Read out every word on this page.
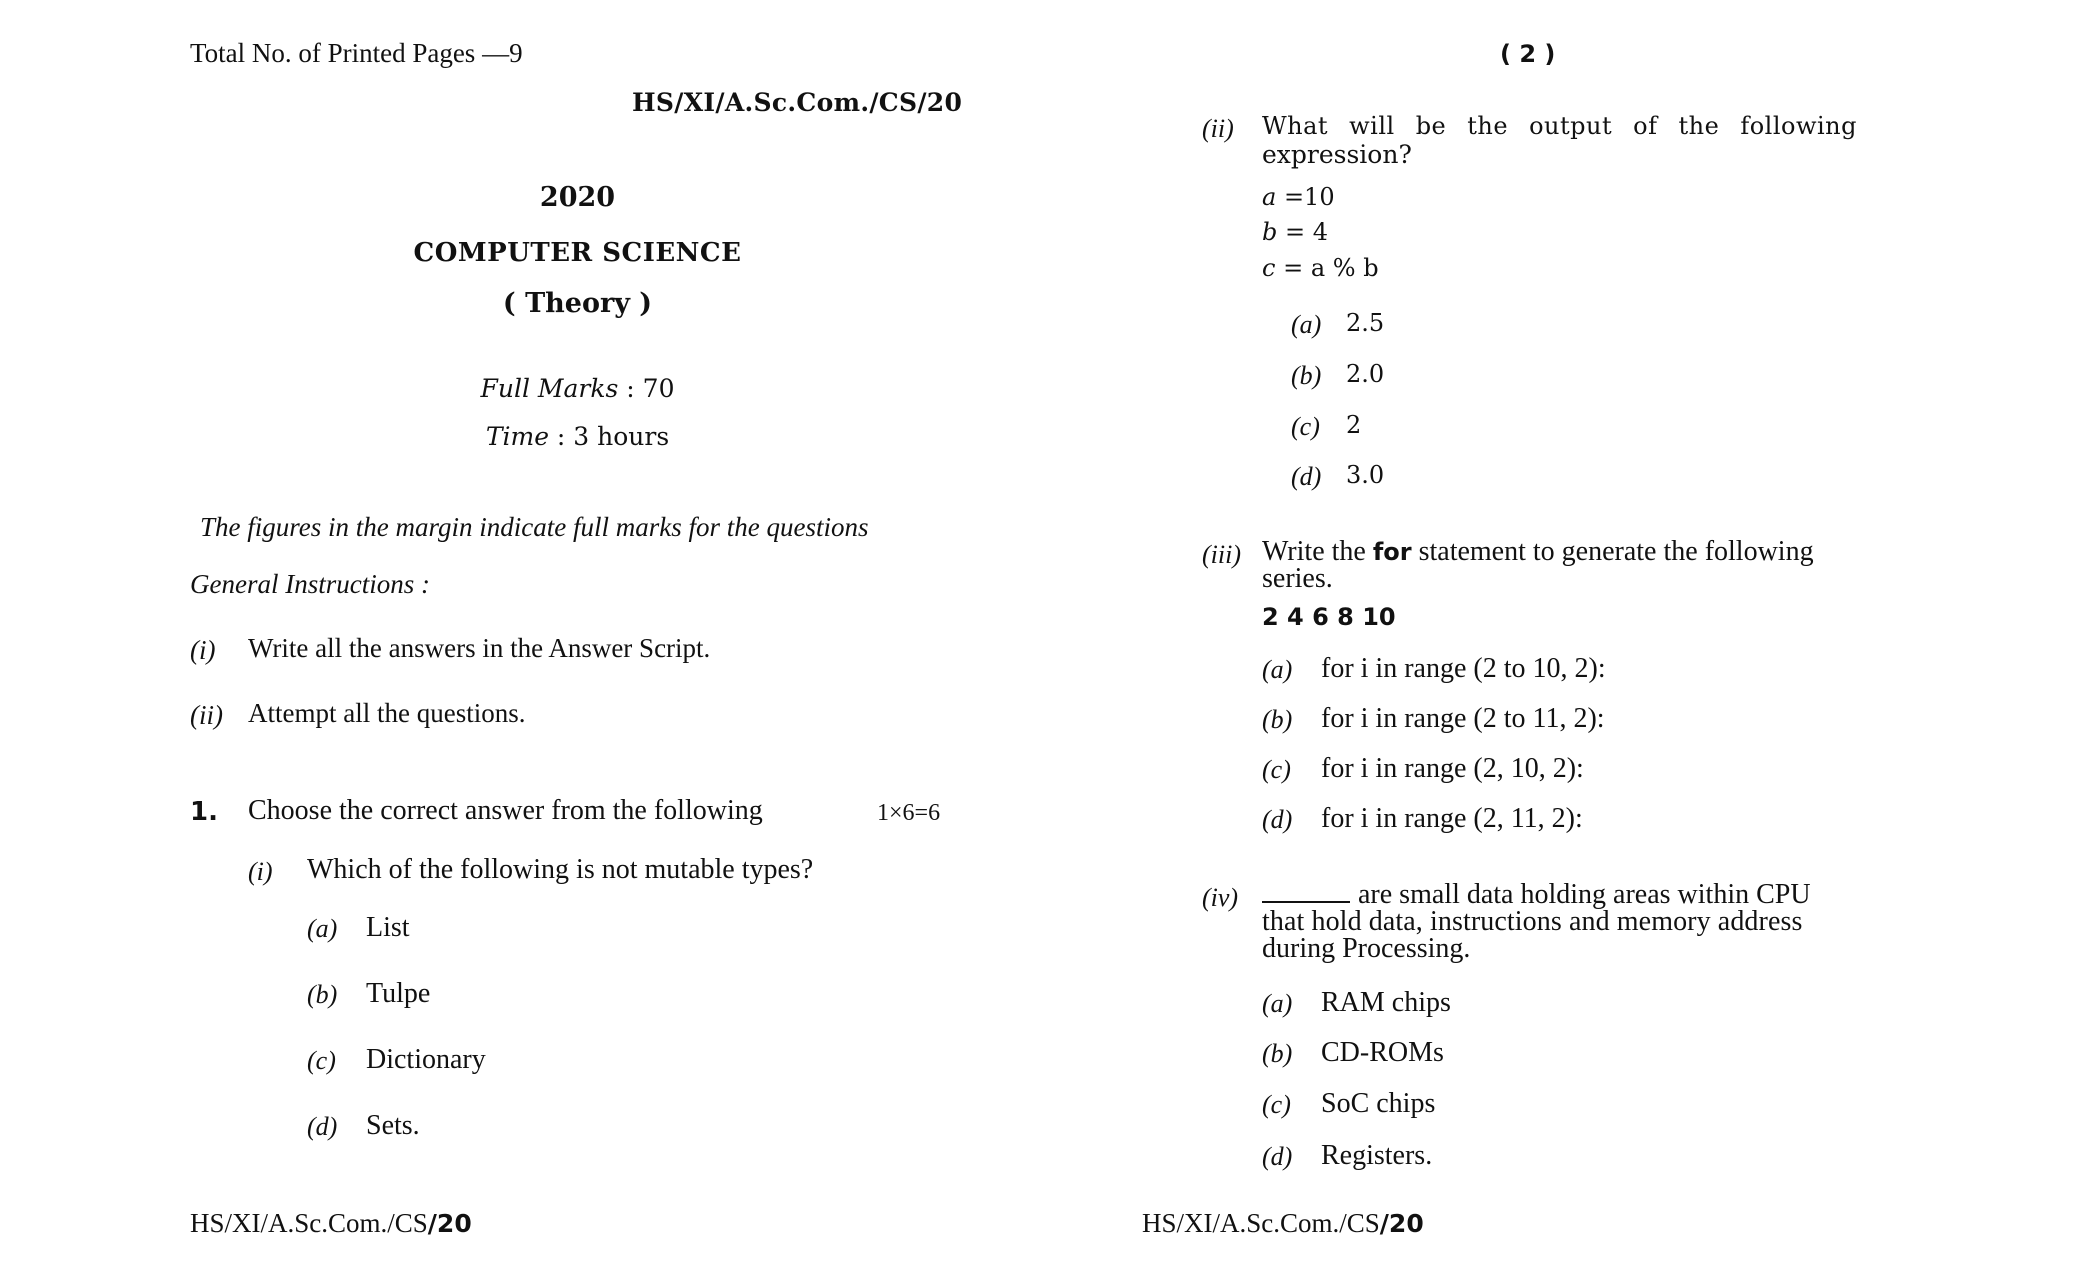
Total No. of Printed Pages —9
HS/XI/A.Sc.Com./CS/20
2020
COMPUTER SCIENCE
( Theory )
Full Marks : 70
Time : 3 hours
The figures in the margin indicate full marks for the questions
General Instructions :
(i) Write all the answers in the Answer Script.
(ii) Attempt all the questions.
1. Choose the correct answer from the following	1×6=6
(i) Which of the following is not mutable types?
(a) List
(b) Tulpe
(c) Dictionary
(d) Sets.
HS/XI/A.Sc.Com./CS/20
( 2 )
(ii) What will be the output of the following
expression?
a =10
b = 4
c = a % b
(a) 2.5
(b) 2.0
(c) 2
(d) 3.0
(iii) Write the for statement to generate the following
series.
2 4 6 8 10
(a) for i in range (2 to 10, 2):
(b) for i in range (2 to 11, 2):
(c) for i in range (2, 10, 2):
(d) for i in range (2, 11, 2):
(iv)	are small data holding areas within CPU
that hold data, instructions and memory address
during Processing.
(a) RAM chips
(b) CD-ROMs
(c) SoC chips
(d) Registers.
HS/XI/A.Sc.Com./CS/20
